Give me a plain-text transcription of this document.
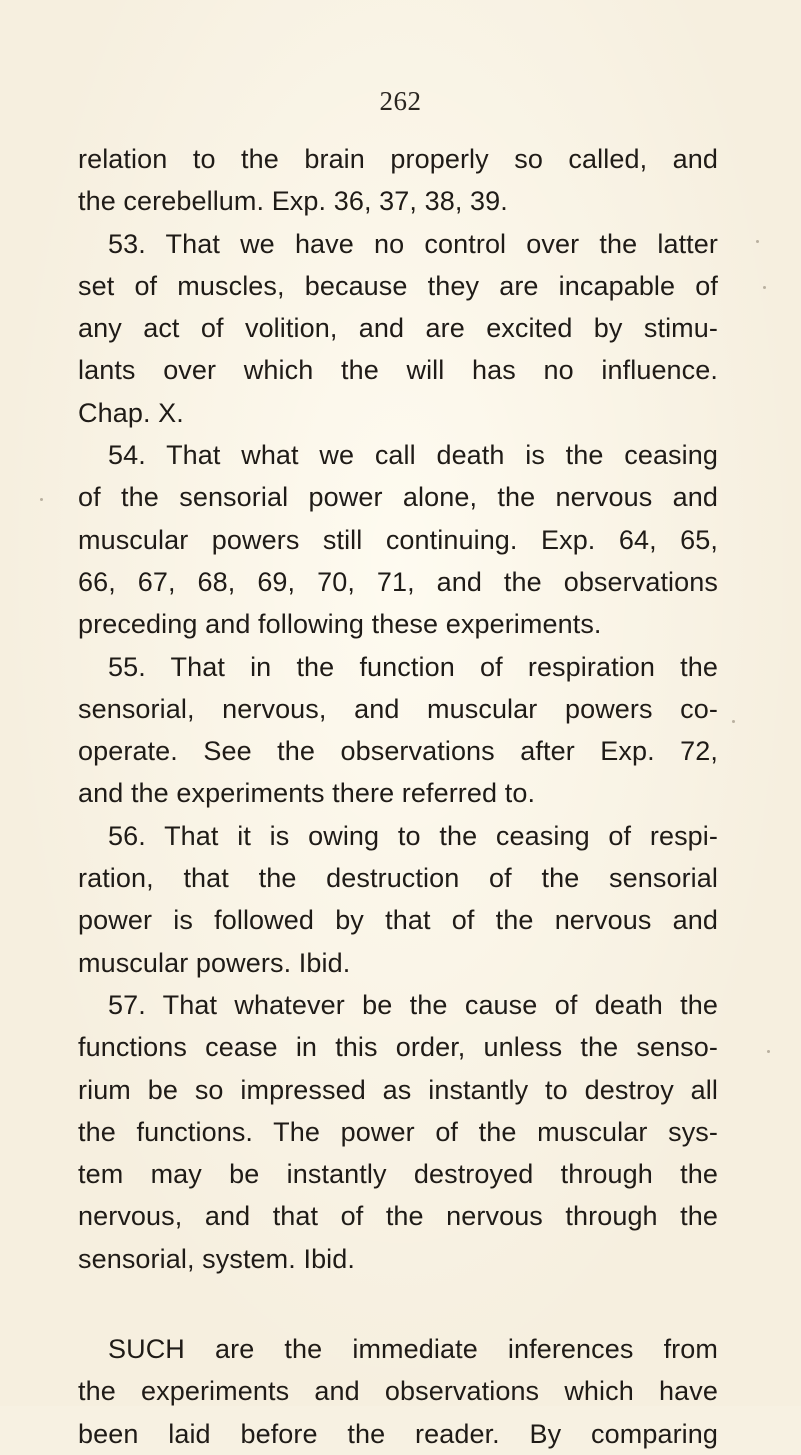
262
relation to the brain properly so called, and
the cerebellum. Exp. 36, 37, 38, 39.
53. That we have no control over the latter
set of muscles, because they are incapable of
any act of volition, and are excited by stimu-
lants over which the will has no influence.
Chap. X.
54. That what we call death is the ceasing
of the sensorial power alone, the nervous and
muscular powers still continuing. Exp. 64, 65,
66, 67, 68, 69, 70, 71, and the observations
preceding and following these experiments.
55. That in the function of respiration the
sensorial, nervous, and muscular powers co-
operate. See the observations after Exp. 72,
and the experiments there referred to.
56. That it is owing to the ceasing of respi-
ration, that the destruction of the sensorial
power is followed by that of the nervous and
muscular powers. Ibid.
57. That whatever be the cause of death the
functions cease in this order, unless the senso-
rium be so impressed as instantly to destroy all
the functions. The power of the muscular sys-
tem may be instantly destroyed through the
nervous, and that of the nervous through the
sensorial, system. Ibid.
SUCH are the immediate inferences from
the experiments and observations which have
been laid before the reader. By comparing
